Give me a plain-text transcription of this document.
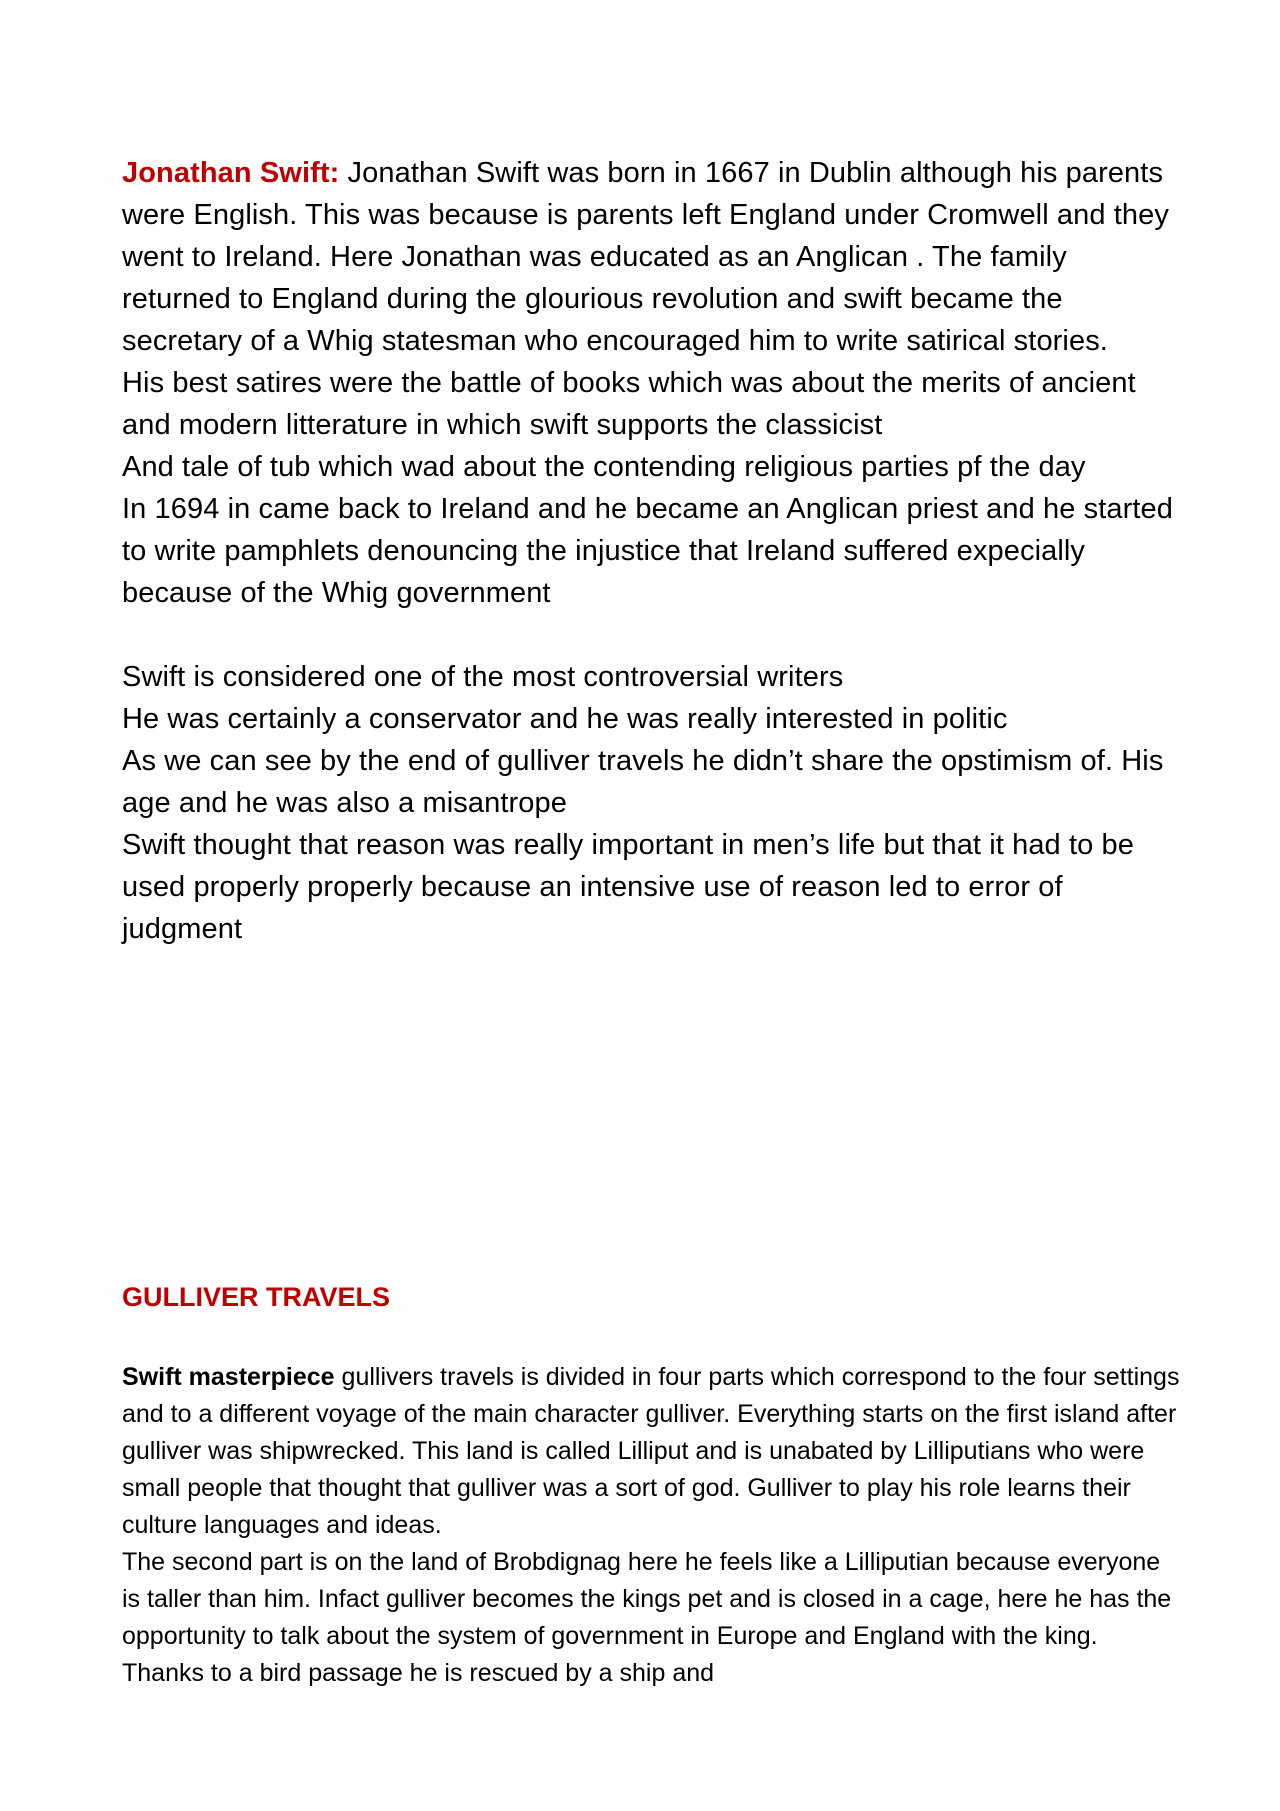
Jonathan Swift: Jonathan Swift was born in 1667 in Dublin although his parents were English. This was because is parents left England under Cromwell and they went to Ireland. Here Jonathan was educated as an Anglican . The family returned to England during the glourious revolution and swift became the secretary of a Whig statesman who encouraged him to write satirical stories.

His best satires were the battle of books which was about the merits of ancient and modern litterature in which swift supports the classicist

And tale of tub which wad about the contending religious parties pf the day

In 1694 in came back to Ireland and he became an Anglican priest and he started to write pamphlets denouncing the injustice that Ireland suffered expecially because of the Whig government

Swift is considered one of the most controversial writers

He was certainly a conservator and he was really interested in politic

As we can see by the end of gulliver travels he didn’t share the opstimism of. His age and he was also a misantrope

Swift thought that reason was really important in men’s life but that it had to be used properly properly because an intensive use of reason led to error of judgment

GULLIVER TRAVELS

Swift masterpiece gullivers travels is divided in four parts which correspond to the four settings and to a different voyage of the main character gulliver. Everything starts on the first island after gulliver was shipwrecked. This land is called Lilliput and is unabated by Lilliputians who were small people that thought that gulliver was a sort of god. Gulliver to play his role learns their culture languages and ideas.

The second part is on the land of Brobdignag here he feels like a Lilliputian because everyone is taller than him. Infact gulliver becomes the kings pet and is closed in a cage, here he has the opportunity to talk about the system of government in Europe and England with the king. Thanks to a bird passage he is rescued by a ship and
